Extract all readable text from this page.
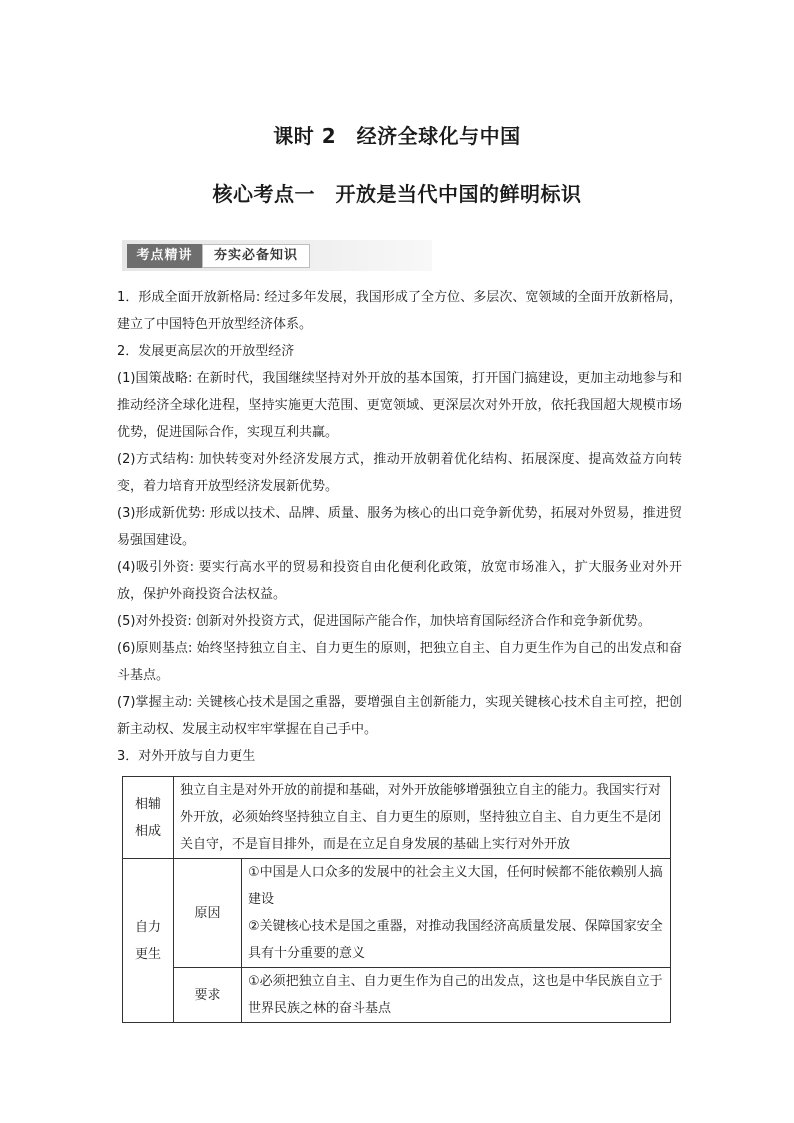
课时 2　经济全球化与中国
核心考点一　开放是当代中国的鲜明标识
考点精讲	夯实必备知识

1．形成全面开放新格局: 经过多年发展，我国形成了全方位、多层次、宽领域的全面开放新格局，建立了中国特色开放型经济体系。

2．发展更高层次的开放型经济

(1)国策战略: 在新时代，我国继续坚持对外开放的基本国策，打开国门搞建设，更加主动地参与和推动经济全球化进程，坚持实施更大范围、更宽领域、更深层次对外开放，依托我国超大规模市场优势，促进国际合作，实现互利共赢。

(2)方式结构: 加快转变对外经济发展方式，推动开放朝着优化结构、拓展深度、提高效益方向转变，着力培育开放型经济发展新优势。

(3)形成新优势: 形成以技术、品牌、质量、服务为核心的出口竞争新优势，拓展对外贸易，推进贸易强国建设。

(4)吸引外资: 要实行高水平的贸易和投资自由化便利化政策，放宽市场准入，扩大服务业对外开放，保护外商投资合法权益。

(5)对外投资: 创新对外投资方式，促进国际产能合作，加快培育国际经济合作和竞争新优势。

(6)原则基点: 始终坚持独立自主、自力更生的原则，把独立自主、自力更生作为自己的出发点和奋斗基点。

(7)掌握主动: 关键核心技术是国之重器，要增强自主创新能力，实现关键核心技术自主可控，把创新主动权、发展主动权牢牢掌握在自己手中。

3．对外开放与自力更生

相辅相成	独立自主是对外开放的前提和基础，对外开放能够增强独立自主的能力。我国实行对外开放，必须始终坚持独立自主、自力更生的原则，坚持独立自主、自力更生不是闭关自守，不是盲目排外，而是在立足自身发展的基础上实行对外开放	
自力更生	原因	①中国是人口众多的发展中的社会主义大国，任何时候都不能依赖别人搞建设
②关键核心技术是国之重器，对推动我国经济高质量发展、保障国家安全具有十分重要的意义

	要求	①必须把独立自主、自力更生作为自己的出发点，这也是中华民族自立于世界民族之林的奋斗基点
